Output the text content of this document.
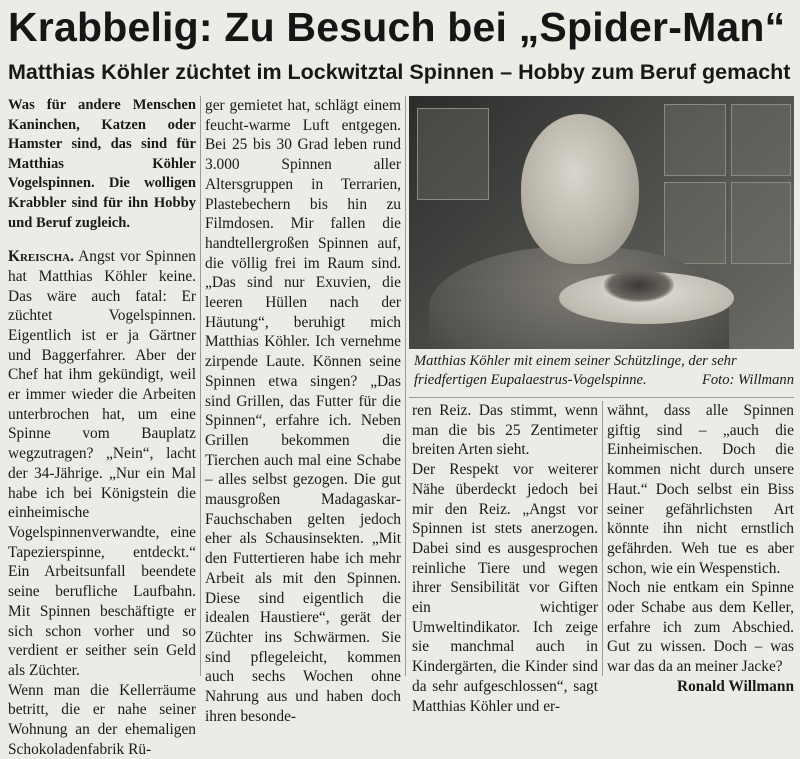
Krabbelig: Zu Besuch bei „Spider-Man“
Matthias Köhler züchtet im Lockwitztal Spinnen – Hobby zum Beruf gemacht

Was für andere Menschen Kaninchen, Katzen oder Hamster sind, das sind für Matthias Köhler Vogelspinnen. Die wolligen Krabbler sind für ihn Hobby und Beruf zugleich.

Kreischa. Angst vor Spinnen hat Matthias Köhler keine. Das wäre auch fatal: Er züchtet Vogelspinnen. Eigentlich ist er ja Gärtner und Baggerfahrer. Aber der Chef hat ihm gekündigt, weil er immer wieder die Arbeiten unterbrochen hat, um eine Spinne vom Bauplatz wegzutragen? „Nein“, lacht der 34-Jährige. „Nur ein Mal habe ich bei Königstein die einheimische Vogelspinnenverwandte, eine Tapezierspinne, entdeckt.“ Ein Arbeitsunfall beendete seine berufliche Laufbahn. Mit Spinnen beschäftigte er sich schon vorher und so verdient er seither sein Geld als Züchter.

Wenn man die Kellerräume betritt, die er nahe seiner Wohnung an der ehemaligen Schokoladenfabrik Rü-

ger gemietet hat, schlägt einem feucht-warme Luft entgegen. Bei 25 bis 30 Grad leben rund 3.000 Spinnen aller Altersgruppen in Terrarien, Plastebechern bis hin zu Filmdosen. Mir fallen die handtellergroßen Spinnen auf, die völlig frei im Raum sind. „Das sind nur Exuvien, die leeren Hüllen nach der Häutung“, beruhigt mich Matthias Köhler. Ich vernehme zirpende Laute. Können seine Spinnen etwa singen? „Das sind Grillen, das Futter für die Spinnen“, erfahre ich. Neben Grillen bekommen die Tierchen auch mal eine Schabe – alles selbst gezogen. Die gut mausgroßen Madagaskar-Fauchschaben gelten jedoch eher als Schausinsekten. „Mit den Futtertieren habe ich mehr Arbeit als mit den Spinnen. Diese sind eigentlich die idealen Haustiere“, gerät der Züchter ins Schwärmen. Sie sind pflegeleicht, kommen auch sechs Wochen ohne Nahrung aus und haben doch ihren besonde-

Matthias Köhler mit einem seiner Schützlinge, der sehr friedfertigen Eupalaestrus-Vogelspinne.	Foto: Willmann

ren Reiz. Das stimmt, wenn man die bis 25 Zentimeter breiten Arten sieht.

Der Respekt vor weiterer Nähe überdeckt jedoch bei mir den Reiz. „Angst vor Spinnen ist stets anerzogen. Dabei sind es ausgesprochen reinliche Tiere und wegen ihrer Sensibilität vor Giften ein wichtiger Umweltindikator. Ich zeige sie manchmal auch in Kindergärten, die Kinder sind da sehr aufgeschlossen“, sagt Matthias Köhler und er-

wähnt, dass alle Spinnen giftig sind – „auch die Einheimischen. Doch die kommen nicht durch unsere Haut.“ Doch selbst ein Biss seiner gefährlichsten Art könnte ihn nicht ernstlich gefährden. Weh tue es aber schon, wie ein Wespenstich.

Noch nie entkam ein Spinne oder Schabe aus dem Keller, erfahre ich zum Abschied. Gut zu wissen. Doch – was war das da an meiner Jacke?

Ronald Willmann
